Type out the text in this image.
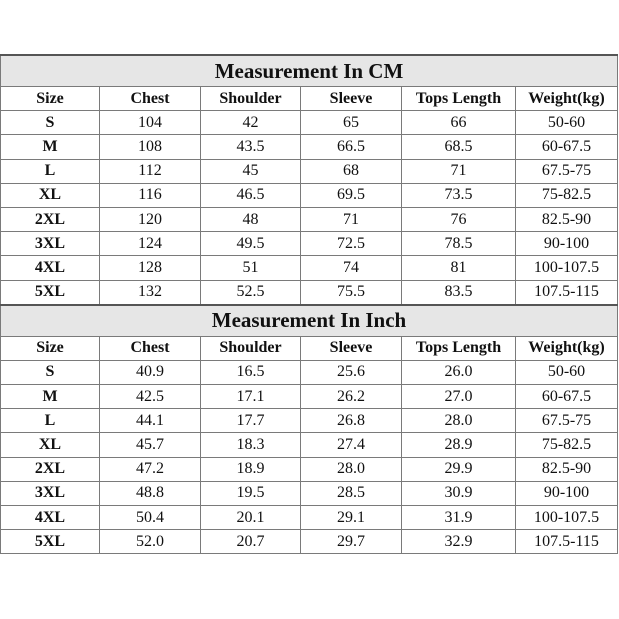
Measurement In CM					
Size	Chest	Shoulder	Sleeve	Tops Length	Weight(kg)
S	104	42	65	66	50-60
M	108	43.5	66.5	68.5	60-67.5
L	112	45	68	71	67.5-75
XL	116	46.5	69.5	73.5	75-82.5
2XL	120	48	71	76	82.5-90
3XL	124	49.5	72.5	78.5	90-100
4XL	128	51	74	81	100-107.5
5XL	132	52.5	75.5	83.5	107.5-115
Measurement In Inch					
Size	Chest	Shoulder	Sleeve	Tops Length	Weight(kg)
S	40.9	16.5	25.6	26.0	50-60
M	42.5	17.1	26.2	27.0	60-67.5
L	44.1	17.7	26.8	28.0	67.5-75
XL	45.7	18.3	27.4	28.9	75-82.5
2XL	47.2	18.9	28.0	29.9	82.5-90
3XL	48.8	19.5	28.5	30.9	90-100
4XL	50.4	20.1	29.1	31.9	100-107.5
5XL	52.0	20.7	29.7	32.9	107.5-115
